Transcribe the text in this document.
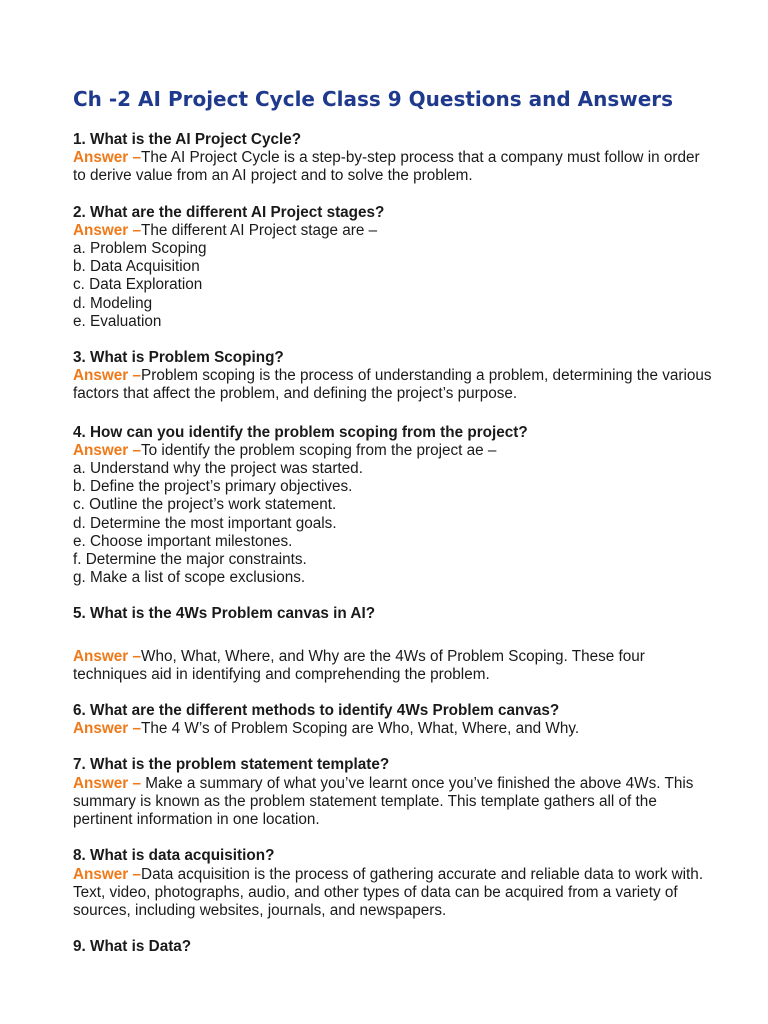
Ch -2 AI Project Cycle Class 9 Questions and Answers

1. What is the AI Project Cycle?

Answer –The AI Project Cycle is a step-by-step process that a company must follow in order to derive value from an AI project and to solve the problem.

2. What are the different AI Project stages?

Answer –The different AI Project stage are –

a. Problem Scoping

b. Data Acquisition

c. Data Exploration

d. Modeling

e. Evaluation

3. What is Problem Scoping?

Answer –Problem scoping is the process of understanding a problem, determining the various factors that affect the problem, and defining the project’s purpose.

4. How can you identify the problem scoping from the project?

Answer –To identify the problem scoping from the project ae –

a. Understand why the project was started.

b. Define the project’s primary objectives.

c. Outline the project’s work statement.

d. Determine the most important goals.

e. Choose important milestones.

f. Determine the major constraints.

g. Make a list of scope exclusions.

5. What is the 4Ws Problem canvas in AI?

Answer –Who, What, Where, and Why are the 4Ws of Problem Scoping. These four techniques aid in identifying and comprehending the problem.

6. What are the different methods to identify 4Ws Problem canvas?

Answer –The 4 W’s of Problem Scoping are Who, What, Where, and Why.

7. What is the problem statement template?

Answer – Make a summary of what you’ve learnt once you’ve finished the above 4Ws. This summary is known as the problem statement template. This template gathers all of the pertinent information in one location.

8. What is data acquisition?

Answer –Data acquisition is the process of gathering accurate and reliable data to work with. Text, video, photographs, audio, and other types of data can be acquired from a variety of sources, including websites, journals, and newspapers.

9. What is Data?
